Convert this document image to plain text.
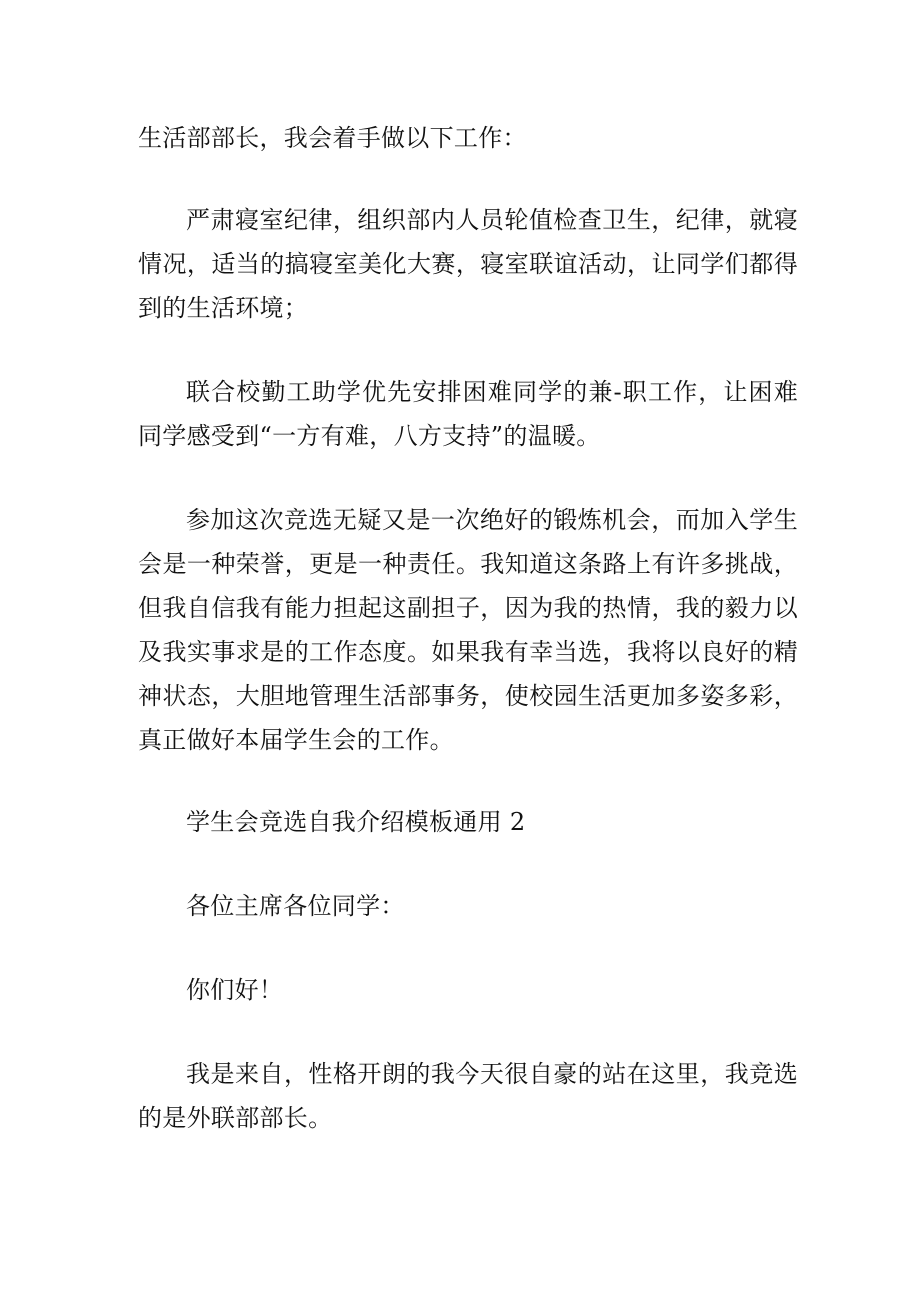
生活部部长，我会着手做以下工作：

严肃寝室纪律，组织部内人员轮值检查卫生，纪律，就寝情况，适当的搞寝室美化大赛，寝室联谊活动，让同学们都得到的生活环境；

联合校勤工助学优先安排困难同学的兼-职工作，让困难同学感受到“一方有难，八方支持”的温暖。

参加这次竞选无疑又是一次绝好的锻炼机会，而加入学生会是一种荣誉，更是一种责任。我知道这条路上有许多挑战，但我自信我有能力担起这副担子，因为我的热情，我的毅力以及我实事求是的工作态度。如果我有幸当选，我将以良好的精神状态，大胆地管理生活部事务，使校园生活更加多姿多彩，真正做好本届学生会的工作。

学生会竞选自我介绍模板通用 2

各位主席各位同学：

你们好！

我是来自，性格开朗的我今天很自豪的站在这里，我竞选的是外联部部长。
